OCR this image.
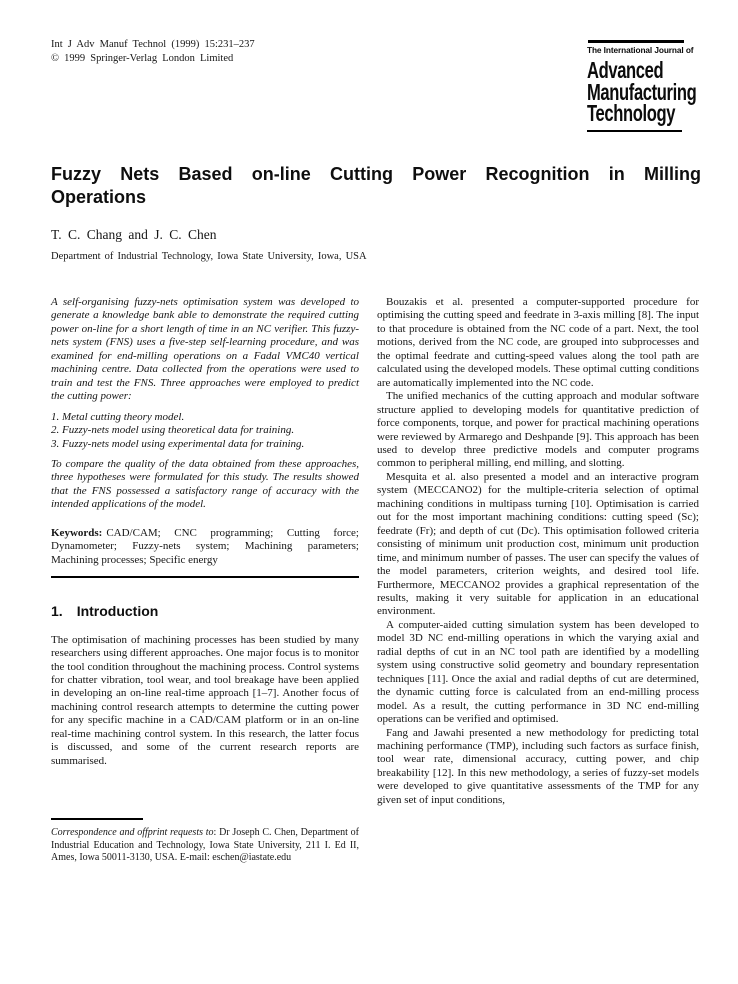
Int J Adv Manuf Technol (1999) 15:231–237
© 1999 Springer-Verlag London Limited
The International Journal of
Advanced
Manufacturing
Technology
Fuzzy Nets Based on-line Cutting Power Recognition in Milling Operations
T. C. Chang and J. C. Chen
Department of Industrial Technology, Iowa State University, Iowa, USA

A self-organising fuzzy-nets optimisation system was developed to generate a knowledge bank able to demonstrate the required cutting power on-line for a short length of time in an NC verifier. This fuzzy-nets system (FNS) uses a five-step self-learning procedure, and was examined for end-milling operations on a Fadal VMC40 vertical machining centre. Data collected from the operations were used to train and test the FNS. Three approaches were employed to predict the cutting power:

1. Metal cutting theory model.
2. Fuzzy-nets model using theoretical data for training.
3. Fuzzy-nets model using experimental data for training.

To compare the quality of the data obtained from these approaches, three hypotheses were formulated for this study. The results showed that the FNS possessed a satisfactory range of accuracy with the intended applications of the model.

Keywords: CAD/CAM; CNC programming; Cutting force; Dynamometer; Fuzzy-nets system; Machining parameters; Machining processes; Specific energy

1. Introduction

The optimisation of machining processes has been studied by many researchers using different approaches. One major focus is to monitor the tool condition throughout the machining process. Control systems for chatter vibration, tool wear, and tool breakage have been applied in developing an on-line real-time approach [1–7]. Another focus of machining control research attempts to determine the cutting power for any specific machine in a CAD/CAM platform or in an on-line real-time machining control system. In this research, the latter focus is discussed, and some of the current research reports are summarised.

Bouzakis et al. presented a computer-supported procedure for optimising the cutting speed and feedrate in 3-axis milling [8]. The input to that procedure is obtained from the NC code of a part. Next, the tool motions, derived from the NC code, are grouped into subprocesses and the optimal feedrate and cutting-speed values along the tool path are calculated using the developed models. These optimal cutting conditions are automatically implemented into the NC code.

The unified mechanics of the cutting approach and modular software structure applied to developing models for quantitative prediction of force components, torque, and power for practical machining operations were reviewed by Armarego and Deshpande [9]. This approach has been used to develop three predictive models and computer programs common to peripheral milling, end milling, and slotting.

Mesquita et al. also presented a model and an interactive program system (MECCANO2) for the multiple-criteria selection of optimal machining conditions in multipass turning [10]. Optimisation is carried out for the most important machining conditions: cutting speed (Sc); feedrate (Fr); and depth of cut (Dc). This optimisation followed criteria consisting of minimum unit production cost, minimum unit production time, and minimum number of passes. The user can specify the values of the model parameters, criterion weights, and desired tool life. Furthermore, MECCANO2 provides a graphical representation of the results, making it very suitable for application in an educational environment.

A computer-aided cutting simulation system has been developed to model 3D NC end-milling operations in which the varying axial and radial depths of cut in an NC tool path are identified by a modelling system using constructive solid geometry and boundary representation techniques [11]. Once the axial and radial depths of cut are determined, the dynamic cutting force is calculated from an end-milling process model. As a result, the cutting performance in 3D NC end-milling operations can be verified and optimised.

Fang and Jawahi presented a new methodology for predicting total machining performance (TMP), including such factors as surface finish, tool wear rate, dimensional accuracy, cutting power, and chip breakability [12]. In this new methodology, a series of fuzzy-set models were developed to give quantitative assessments of the TMP for any given set of input conditions,

Correspondence and offprint requests to: Dr Joseph C. Chen, Department of Industrial Education and Technology, Iowa State University, 211 I. Ed II, Ames, Iowa 50011-3130, USA. E-mail: eschen@iastate.edu
